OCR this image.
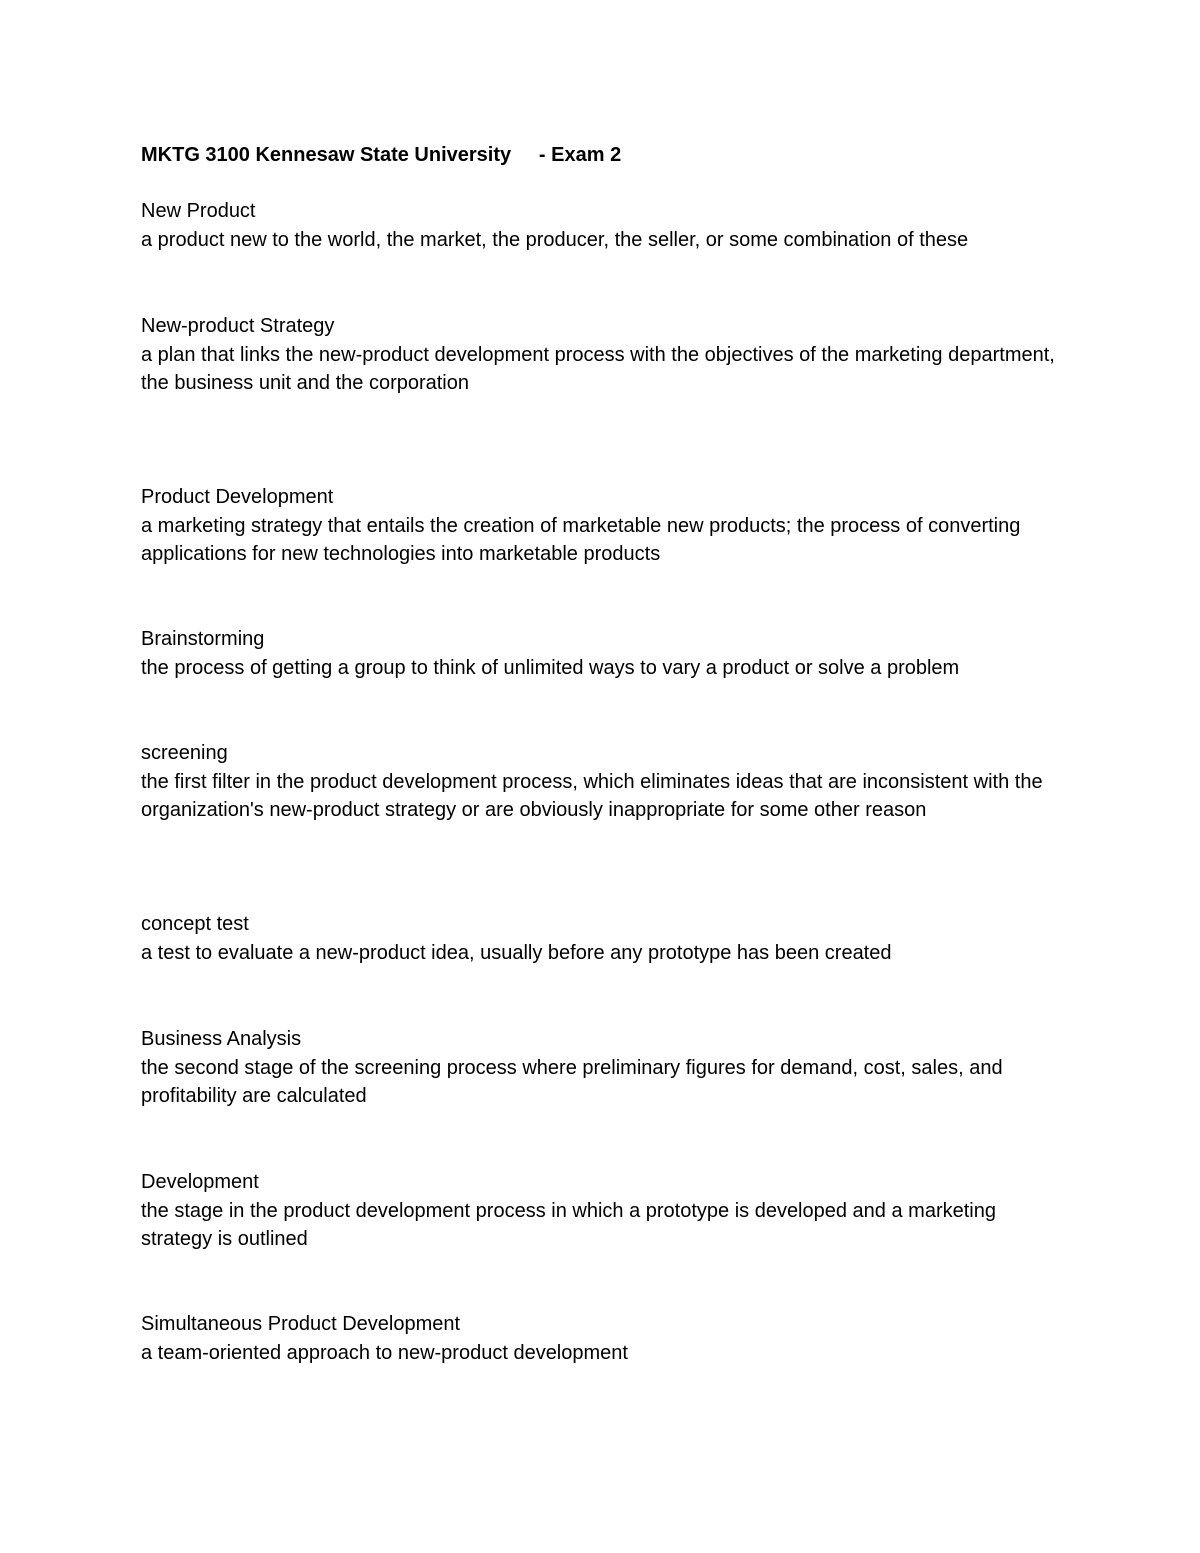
MKTG 3100 Kennesaw State University     - Exam 2
New Product
a product new to the world, the market, the producer, the seller, or some combination of these
New-product Strategy
a plan that links the new-product development process with the objectives of the marketing department, the business unit and the corporation
Product Development
a marketing strategy that entails the creation of marketable new products; the process of converting applications for new technologies into marketable products
Brainstorming
the process of getting a group to think of unlimited ways to vary a product or solve a problem
screening
the first filter in the product development process, which eliminates ideas that are inconsistent with the organization's new-product strategy or are obviously inappropriate for some other reason
concept test
a test to evaluate a new-product idea, usually before any prototype has been created
Business Analysis
the second stage of the screening process where preliminary figures for demand, cost, sales, and profitability are calculated
Development
the stage in the product development process in which a prototype is developed and a marketing strategy is outlined
Simultaneous Product Development
a team-oriented approach to new-product development
